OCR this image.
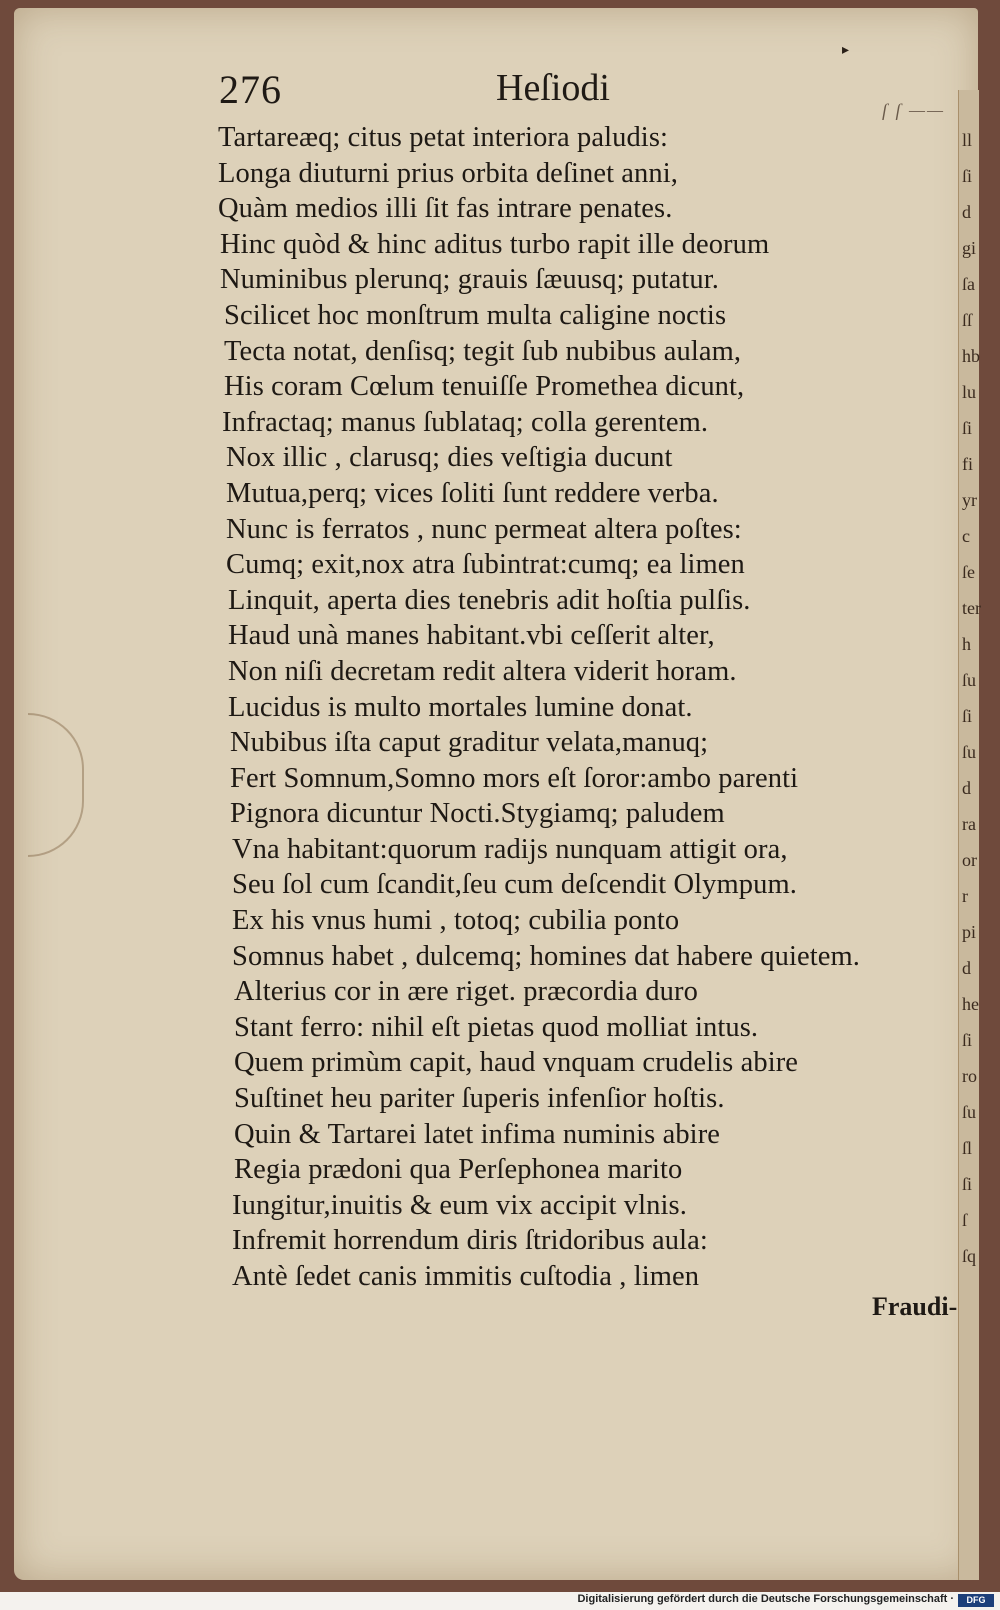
▸
276	Heſiodi
ſ ſ ——
Tartareæq; citus petat interiora paludis:
Longa diuturni prius orbita deſinet anni,
Quàm medios illi ſit fas intrare penates.
Hinc quòd & hinc aditus turbo rapit ille deorum
Numinibus plerunq; grauis ſæuusq; putatur.
Scilicet hoc monſtrum multa caligine noctis
Tecta notat, denſisq; tegit ſub nubibus aulam,
His coram Cœlum tenuiſſe Promethea dicunt,
Infractaq; manus ſublataq; colla gerentem.
Nox illic , clarusq; dies veſtigia ducunt
Mutua,perq; vices ſoliti ſunt reddere verba.
Nunc is ferratos , nunc permeat altera poſtes:
Cumq; exit,nox atra ſubintrat:cumq; ea limen
Linquit, aperta dies tenebris adit hoſtia pulſis.
Haud unà manes habitant.vbi ceſſerit alter,
Non niſi decretam redit altera viderit horam.
Lucidus is multo mortales lumine donat.
Nubibus iſta caput graditur velata,manuq;
Fert Somnum,Somno mors eſt ſoror:ambo parenti
Pignora dicuntur Nocti.Stygiamq; paludem
Vna habitant:quorum radijs nunquam attigit ora,
Seu ſol cum ſcandit,ſeu cum deſcendit Olympum.
Ex his vnus humi , totoq; cubilia ponto
Somnus habet , dulcemq; homines dat habere quietem.
Alterius cor in ære riget. præcordia duro
Stant ferro: nihil eſt pietas quod molliat intus.
Quem primùm capit, haud vnquam crudelis abire
Suſtinet heu pariter ſuperis infenſior hoſtis.
Quin & Tartarei latet infima numinis abire
Regia prædoni qua Perſephonea marito
Iungitur,inuitis & eum vix accipit vlnis.
Infremit horrendum diris ſtridoribus aula:
Antè ſedet canis immitis cuſtodia , limen
Fraudi-
ll
ſi
d
gi
ſa
ſſ
hb
lu
ſi
fi
yr
c
ſe
ter
h
ſu
ſi
ſu
d
ra
or
r
pi
d
he
ſi
ro
ſu
ſl
ſi
ſ
ſq
Digitalisierung gefördert durch die Deutsche Forschungsgemeinschaft ·	DFG
